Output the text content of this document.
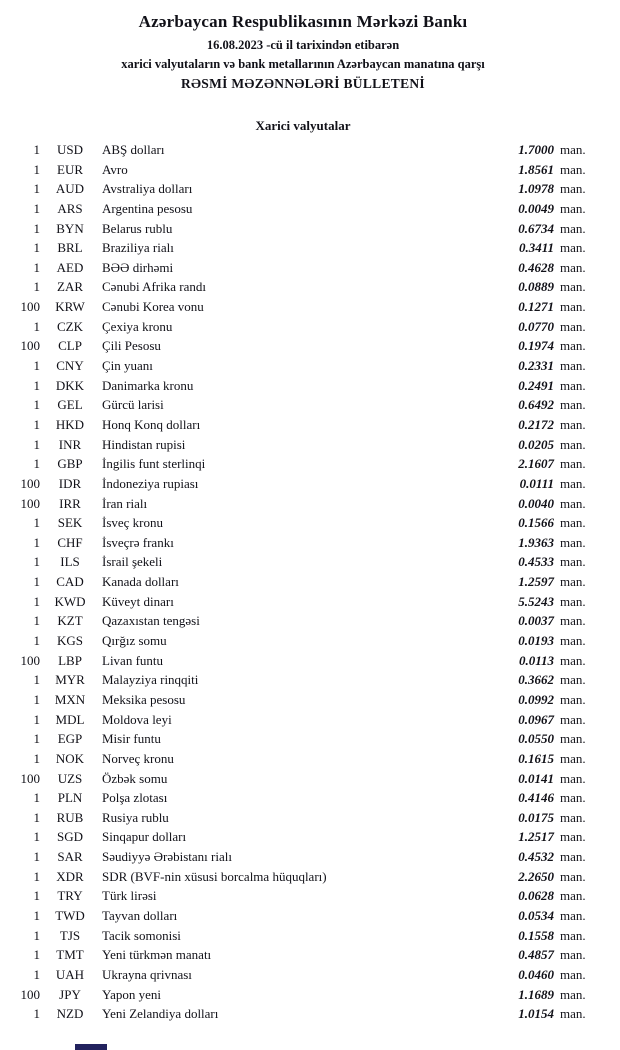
Azərbaycan Respublikasının Mərkəzi Bankı
16.08.2023 -cü il tarixindən etibarən
xarici valyutaların və bank metallarının Azərbaycan manatına qarşı
RƏSMİ MƏZƏNNƏLƏRİ BÜLLETENİ
Xarici valyutalar
1	USD	ABŞ dolları	1.7000 man.
1	EUR	Avro	1.8561 man.
1	AUD	Avstraliya dolları	1.0978 man.
1	ARS	Argentina pesosu	0.0049 man.
1	BYN	Belarus rublu	0.6734 man.
1	BRL	Braziliya rialı	0.3411 man.
1	AED	BƏƏ dirhəmi	0.4628 man.
1	ZAR	Cənubi Afrika randı	0.0889 man.
100	KRW	Cənubi Korea vonu	0.1271 man.
1	CZK	Çexiya kronu	0.0770 man.
100	CLP	Çili Pesosu	0.1974 man.
1	CNY	Çin yuanı	0.2331 man.
1	DKK	Danimarka kronu	0.2491 man.
1	GEL	Gürcü larisi	0.6492 man.
1	HKD	Honq Konq dolları	0.2172 man.
1	INR	Hindistan rupisi	0.0205 man.
1	GBP	İngilis funt sterlinqi	2.1607 man.
100	IDR	İndoneziya rupiası	0.0111 man.
100	IRR	İran rialı	0.0040 man.
1	SEK	İsveç kronu	0.1566 man.
1	CHF	İsveçrə frankı	1.9363 man.
1	ILS	İsrail şekeli	0.4533 man.
1	CAD	Kanada dolları	1.2597 man.
1	KWD	Küveyt dinarı	5.5243 man.
1	KZT	Qazaxıstan tengəsi	0.0037 man.
1	KGS	Qırğız somu	0.0193 man.
100	LBP	Livan funtu	0.0113 man.
1	MYR	Malayziya rinqqiti	0.3662 man.
1	MXN	Meksika pesosu	0.0992 man.
1	MDL	Moldova leyi	0.0967 man.
1	EGP	Misir funtu	0.0550 man.
1	NOK	Norveç kronu	0.1615 man.
100	UZS	Özbək somu	0.0141 man.
1	PLN	Polşa zlotası	0.4146 man.
1	RUB	Rusiya rublu	0.0175 man.
1	SGD	Sinqapur dolları	1.2517 man.
1	SAR	Səudiyyə Ərəbistanı rialı	0.4532 man.
1	XDR	SDR (BVF-nin xüsusi borcalma hüquqları)	2.2650 man.
1	TRY	Türk lirəsi	0.0628 man.
1	TWD	Tayvan dolları	0.0534 man.
1	TJS	Tacik somonisi	0.1558 man.
1	TMT	Yeni türkmən manatı	0.4857 man.
1	UAH	Ukrayna qrivnası	0.0460 man.
100	JPY	Yapon yeni	1.1689 man.
1	NZD	Yeni Zelandiya dolları	1.0154 man.
